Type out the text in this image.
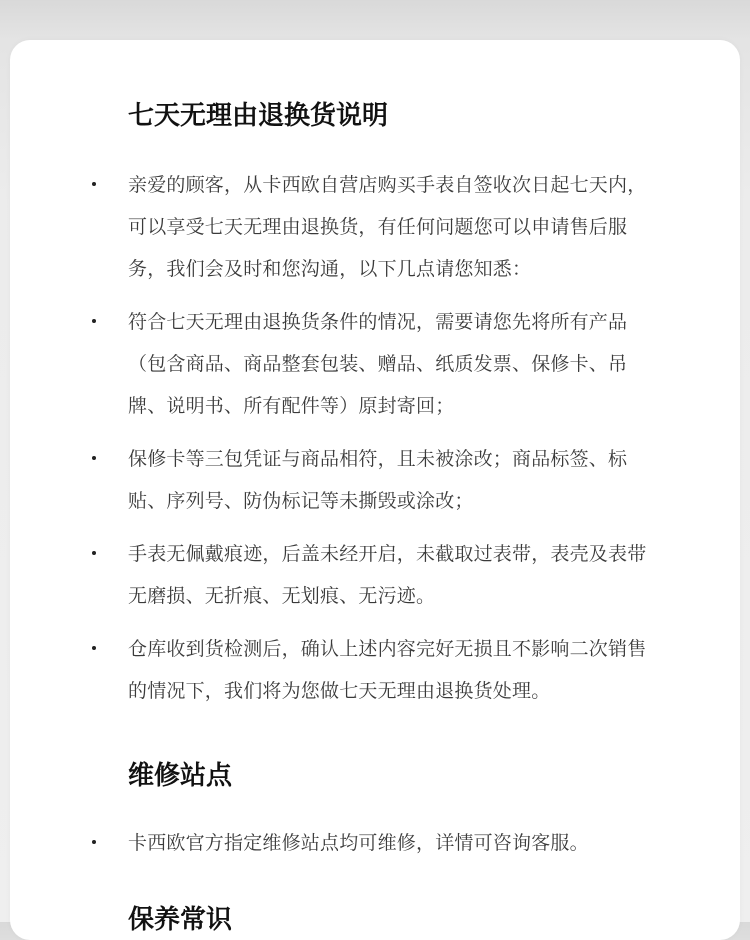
七天无理由退换货说明
亲爱的顾客，从卡西欧自营店购买手表自签收次日起七天内，可以享受七天无理由退换货，有任何问题您可以申请售后服务，我们会及时和您沟通，以下几点请您知悉：
符合七天无理由退换货条件的情况，需要请您先将所有产品（包含商品、商品整套包装、赠品、纸质发票、保修卡、吊牌、说明书、所有配件等）原封寄回；
保修卡等三包凭证与商品相符，且未被涂改；商品标签、标贴、序列号、防伪标记等未撕毁或涂改；
手表无佩戴痕迹，后盖未经开启，未截取过表带，表壳及表带无磨损、无折痕、无划痕、无污迹。
仓库收到货检测后，确认上述内容完好无损且不影响二次销售的情况下，我们将为您做七天无理由退换货处理。
维修站点
卡西欧官方指定维修站点均可维修，详情可咨询客服。
保养常识
